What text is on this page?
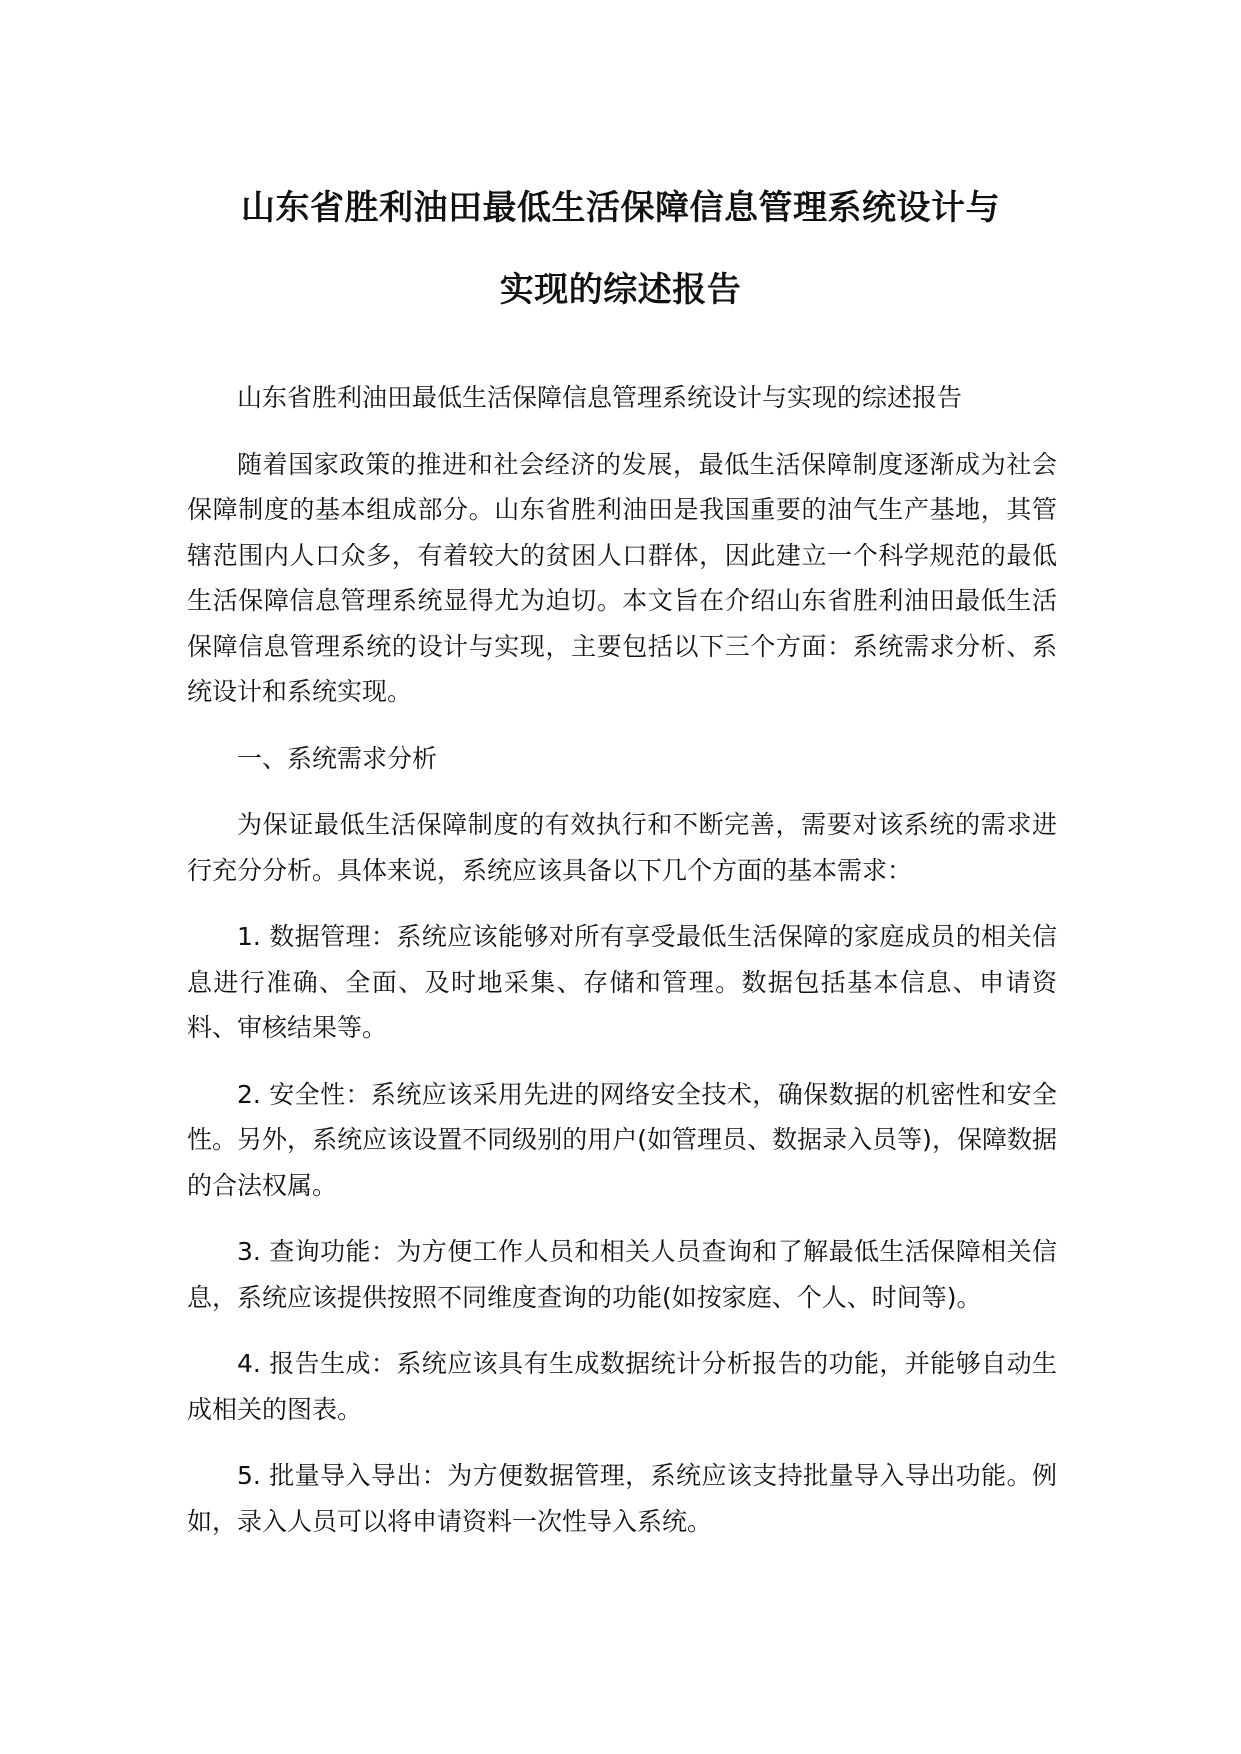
山东省胜利油田最低生活保障信息管理系统设计与
实现的综述报告

山东省胜利油田最低生活保障信息管理系统设计与实现的综述报告

随着国家政策的推进和社会经济的发展，最低生活保障制度逐渐成为社会保障制度的基本组成部分。山东省胜利油田是我国重要的油气生产基地，其管辖范围内人口众多，有着较大的贫困人口群体，因此建立一个科学规范的最低生活保障信息管理系统显得尤为迫切。本文旨在介绍山东省胜利油田最低生活保障信息管理系统的设计与实现，主要包括以下三个方面：系统需求分析、系统设计和系统实现。

一、系统需求分析

为保证最低生活保障制度的有效执行和不断完善，需要对该系统的需求进行充分分析。具体来说，系统应该具备以下几个方面的基本需求：

1. 数据管理：系统应该能够对所有享受最低生活保障的家庭成员的相关信息进行准确、全面、及时地采集、存储和管理。数据包括基本信息、申请资料、审核结果等。

2. 安全性：系统应该采用先进的网络安全技术，确保数据的机密性和安全性。另外，系统应该设置不同级别的用户(如管理员、数据录入员等)，保障数据的合法权属。

3. 查询功能：为方便工作人员和相关人员查询和了解最低生活保障相关信息，系统应该提供按照不同维度查询的功能(如按家庭、个人、时间等)。

4. 报告生成：系统应该具有生成数据统计分析报告的功能，并能够自动生成相关的图表。

5. 批量导入导出：为方便数据管理，系统应该支持批量导入导出功能。例如，录入人员可以将申请资料一次性导入系统。
